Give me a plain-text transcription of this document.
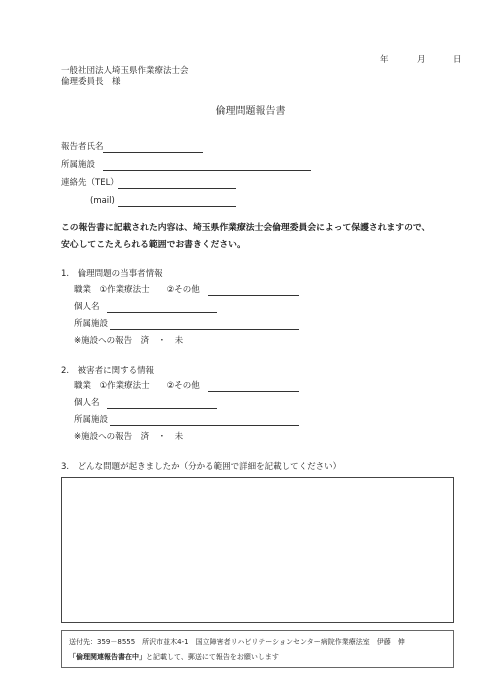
年	月	日
一般社団法人埼玉県作業療法士会
倫理委員長　様
倫理問題報告書
報告者氏名
所属施設
連絡先（TEL）
(mail)
この報告書に記載された内容は、埼玉県作業療法士会倫理委員会によって保護されますので、
安心してこたえられる範囲でお書きください。
1.　倫理問題の当事者情報
職業　①作業療法士　　②その他
個人名
所属施設
※施設への報告　済　・　未
2.　被害者に関する情報
職業　①作業療法士　　②その他
個人名
所属施設
※施設への報告　済　・　未
3.　どんな問題が起きましたか（分かる範囲で詳細を記載してください）
送付先：359－8555　所沢市並木4-1　国立障害者リハビリテーションセンター病院作業療法室　伊藤　伸
「倫理関連報告書在中」と記載して、郵送にて報告をお願いします
